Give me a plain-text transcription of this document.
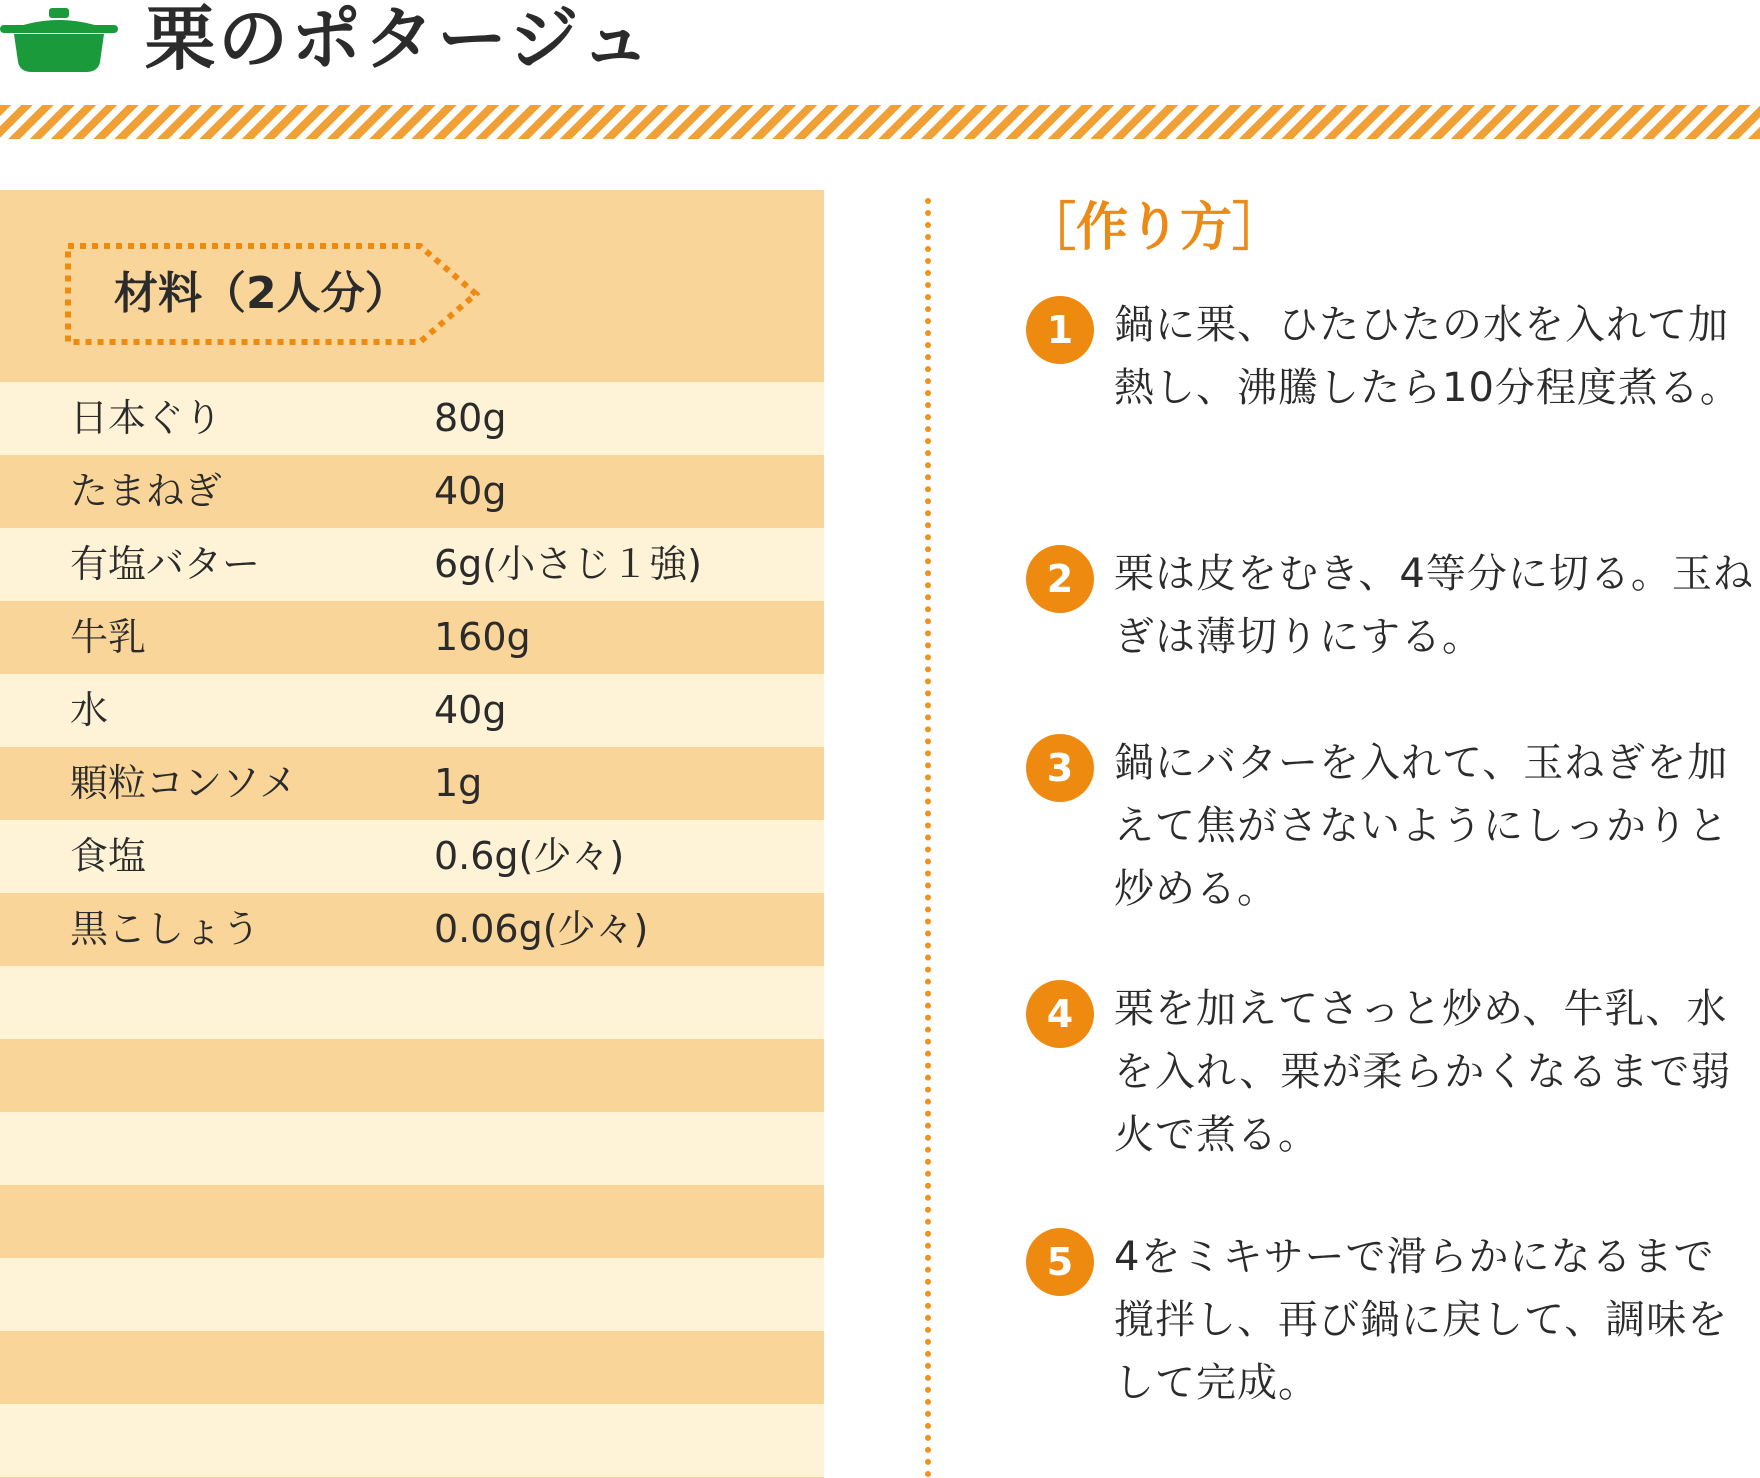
栗のポタージュ
材料（2人分）
日本ぐり	80g
たまねぎ	40g
有塩バター	6g(小さじ１強)
牛乳	160g
水	40g
顆粒コンソメ	1g
食塩	0.6g(少々)
黒こしょう	0.06g(少々)
［作り方］
1	鍋に栗、ひたひたの水を入れて加熱し、沸騰したら10分程度煮る。

2	栗は皮をむき、4等分に切る。玉ねぎは薄切りにする。

3	鍋にバターを入れて、玉ねぎを加えて焦がさないようにしっかりと炒める。

4	栗を加えてさっと炒め、牛乳、水を入れ、栗が柔らかくなるまで弱火で煮る。

5	4をミキサーで滑らかになるまで撹拌し、再び鍋に戻して、調味をして完成。
